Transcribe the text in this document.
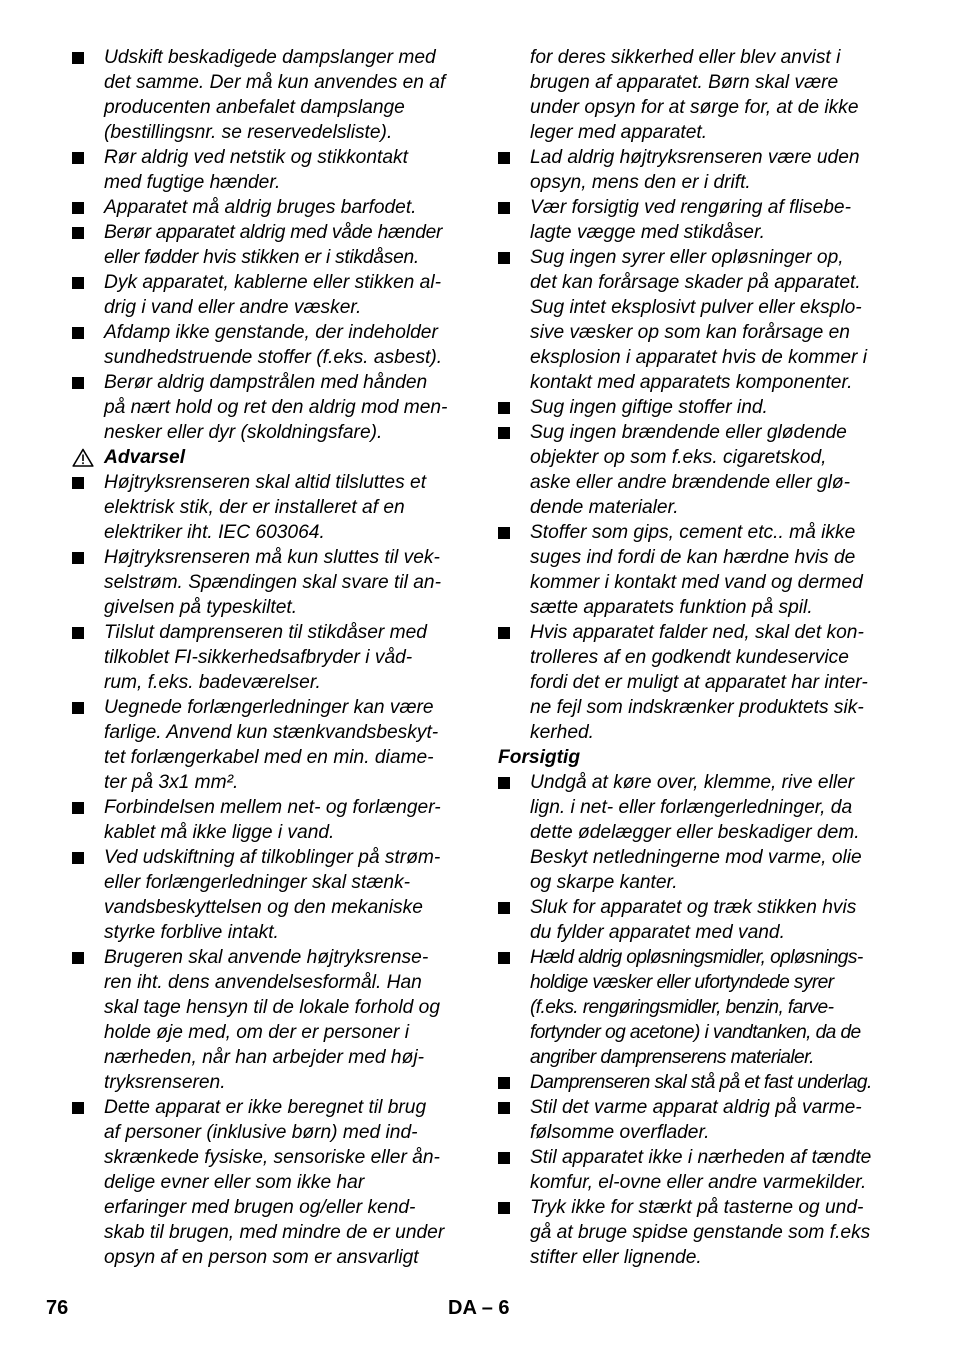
Udskift beskadigede dampslanger med
det samme. Der må kun anvendes en af
producenten anbefalet dampslange
(bestillingsnr. se reservedelsliste).
Rør aldrig ved netstik og stikkontakt
med fugtige hænder.
Apparatet må aldrig bruges barfodet.
Berør apparatet aldrig med våde hænder
eller fødder hvis stikken er i stikdåsen.
Dyk apparatet, kablerne eller stikken al-
drig i vand eller andre væsker.
Afdamp ikke genstande, der indeholder
sundhedstruende stoffer (f.eks. asbest).
Berør aldrig dampstrålen med hånden
på nært hold og ret den aldrig mod men-
nesker eller dyr (skoldningsfare).
Advarsel
Højtryksrenseren skal altid tilsluttes et
elektrisk stik, der er installeret af en
elektriker iht. IEC 603064.
Højtryksrenseren må kun sluttes til vek-
selstrøm. Spændingen skal svare til an-
givelsen på typeskiltet.
Tilslut damprenseren til stikdåser med
tilkoblet FI-sikkerhedsafbryder i våd-
rum, f.eks. badeværelser.
Uegnede forlængerledninger kan være
farlige. Anvend kun stænkvandsbeskyt-
tet forlængerkabel med en min. diame-
ter på 3x1 mm².
Forbindelsen mellem net- og forlænger-
kablet må ikke ligge i vand.
Ved udskiftning af tilkoblinger på strøm-
eller forlængerledninger skal stænk-
vandsbeskyttelsen og den mekaniske
styrke forblive intakt.
Brugeren skal anvende højtryksrense-
ren iht. dens anvendelsesformål. Han
skal tage hensyn til de lokale forhold og
holde øje med, om der er personer i
nærheden, når han arbejder med høj-
tryksrenseren.
Dette apparat er ikke beregnet til brug
af personer (inklusive børn) med ind-
skrænkede fysiske, sensoriske eller ån-
delige evner eller som ikke har
erfaringer med brugen og/eller kend-
skab til brugen, med mindre de er under
opsyn af en person som er ansvarligt
for deres sikkerhed eller blev anvist i
brugen af apparatet. Børn skal være
under opsyn for at sørge for, at de ikke
leger med apparatet.
Lad aldrig højtryksrenseren være uden
opsyn, mens den er i drift.
Vær forsigtig ved rengøring af flisebe-
lagte vægge med stikdåser.
Sug ingen syrer eller opløsninger op,
det kan forårsage skader på apparatet.
Sug intet eksplosivt pulver eller eksplo-
sive væsker op som kan forårsage en
eksplosion i apparatet hvis de kommer i
kontakt med apparatets komponenter.
Sug ingen giftige stoffer ind.
Sug ingen brændende eller glødende
objekter op som f.eks. cigaretskod,
aske eller andre brændende eller glø-
dende materialer.
Stoffer som gips, cement etc.. må ikke
suges ind fordi de kan hærdne hvis de
kommer i kontakt med vand og dermed
sætte apparatets funktion på spil.
Hvis apparatet falder ned, skal det kon-
trolleres af en godkendt kundeservice
fordi det er muligt at apparatet har inter-
ne fejl som indskrænker produktets sik-
kerhed.
Forsigtig
Undgå at køre over, klemme, rive eller
lign. i net- eller forlængerledninger, da
dette ødelægger eller beskadiger dem.
Beskyt netledningerne mod varme, olie
og skarpe kanter.
Sluk for apparatet og træk stikken hvis
du fylder apparatet med vand.
Hæld aldrig opløsningsmidler, opløsnings-
holdige væsker eller ufortyndede syrer
(f.eks. rengøringsmidler, benzin, farve-
fortynder og acetone) i vandtanken, da de
angriber damprenserens materialer.
Damprenseren skal stå på et fast underlag.
Stil det varme apparat aldrig på varme-
følsomme overflader.
Stil apparatet ikke i nærheden af tændte
komfur, el-ovne eller andre varmekilder.
Tryk ikke for stærkt på tasterne og und-
gå at bruge spidse genstande som f.eks
stifter eller lignende.
76	DA – 6
